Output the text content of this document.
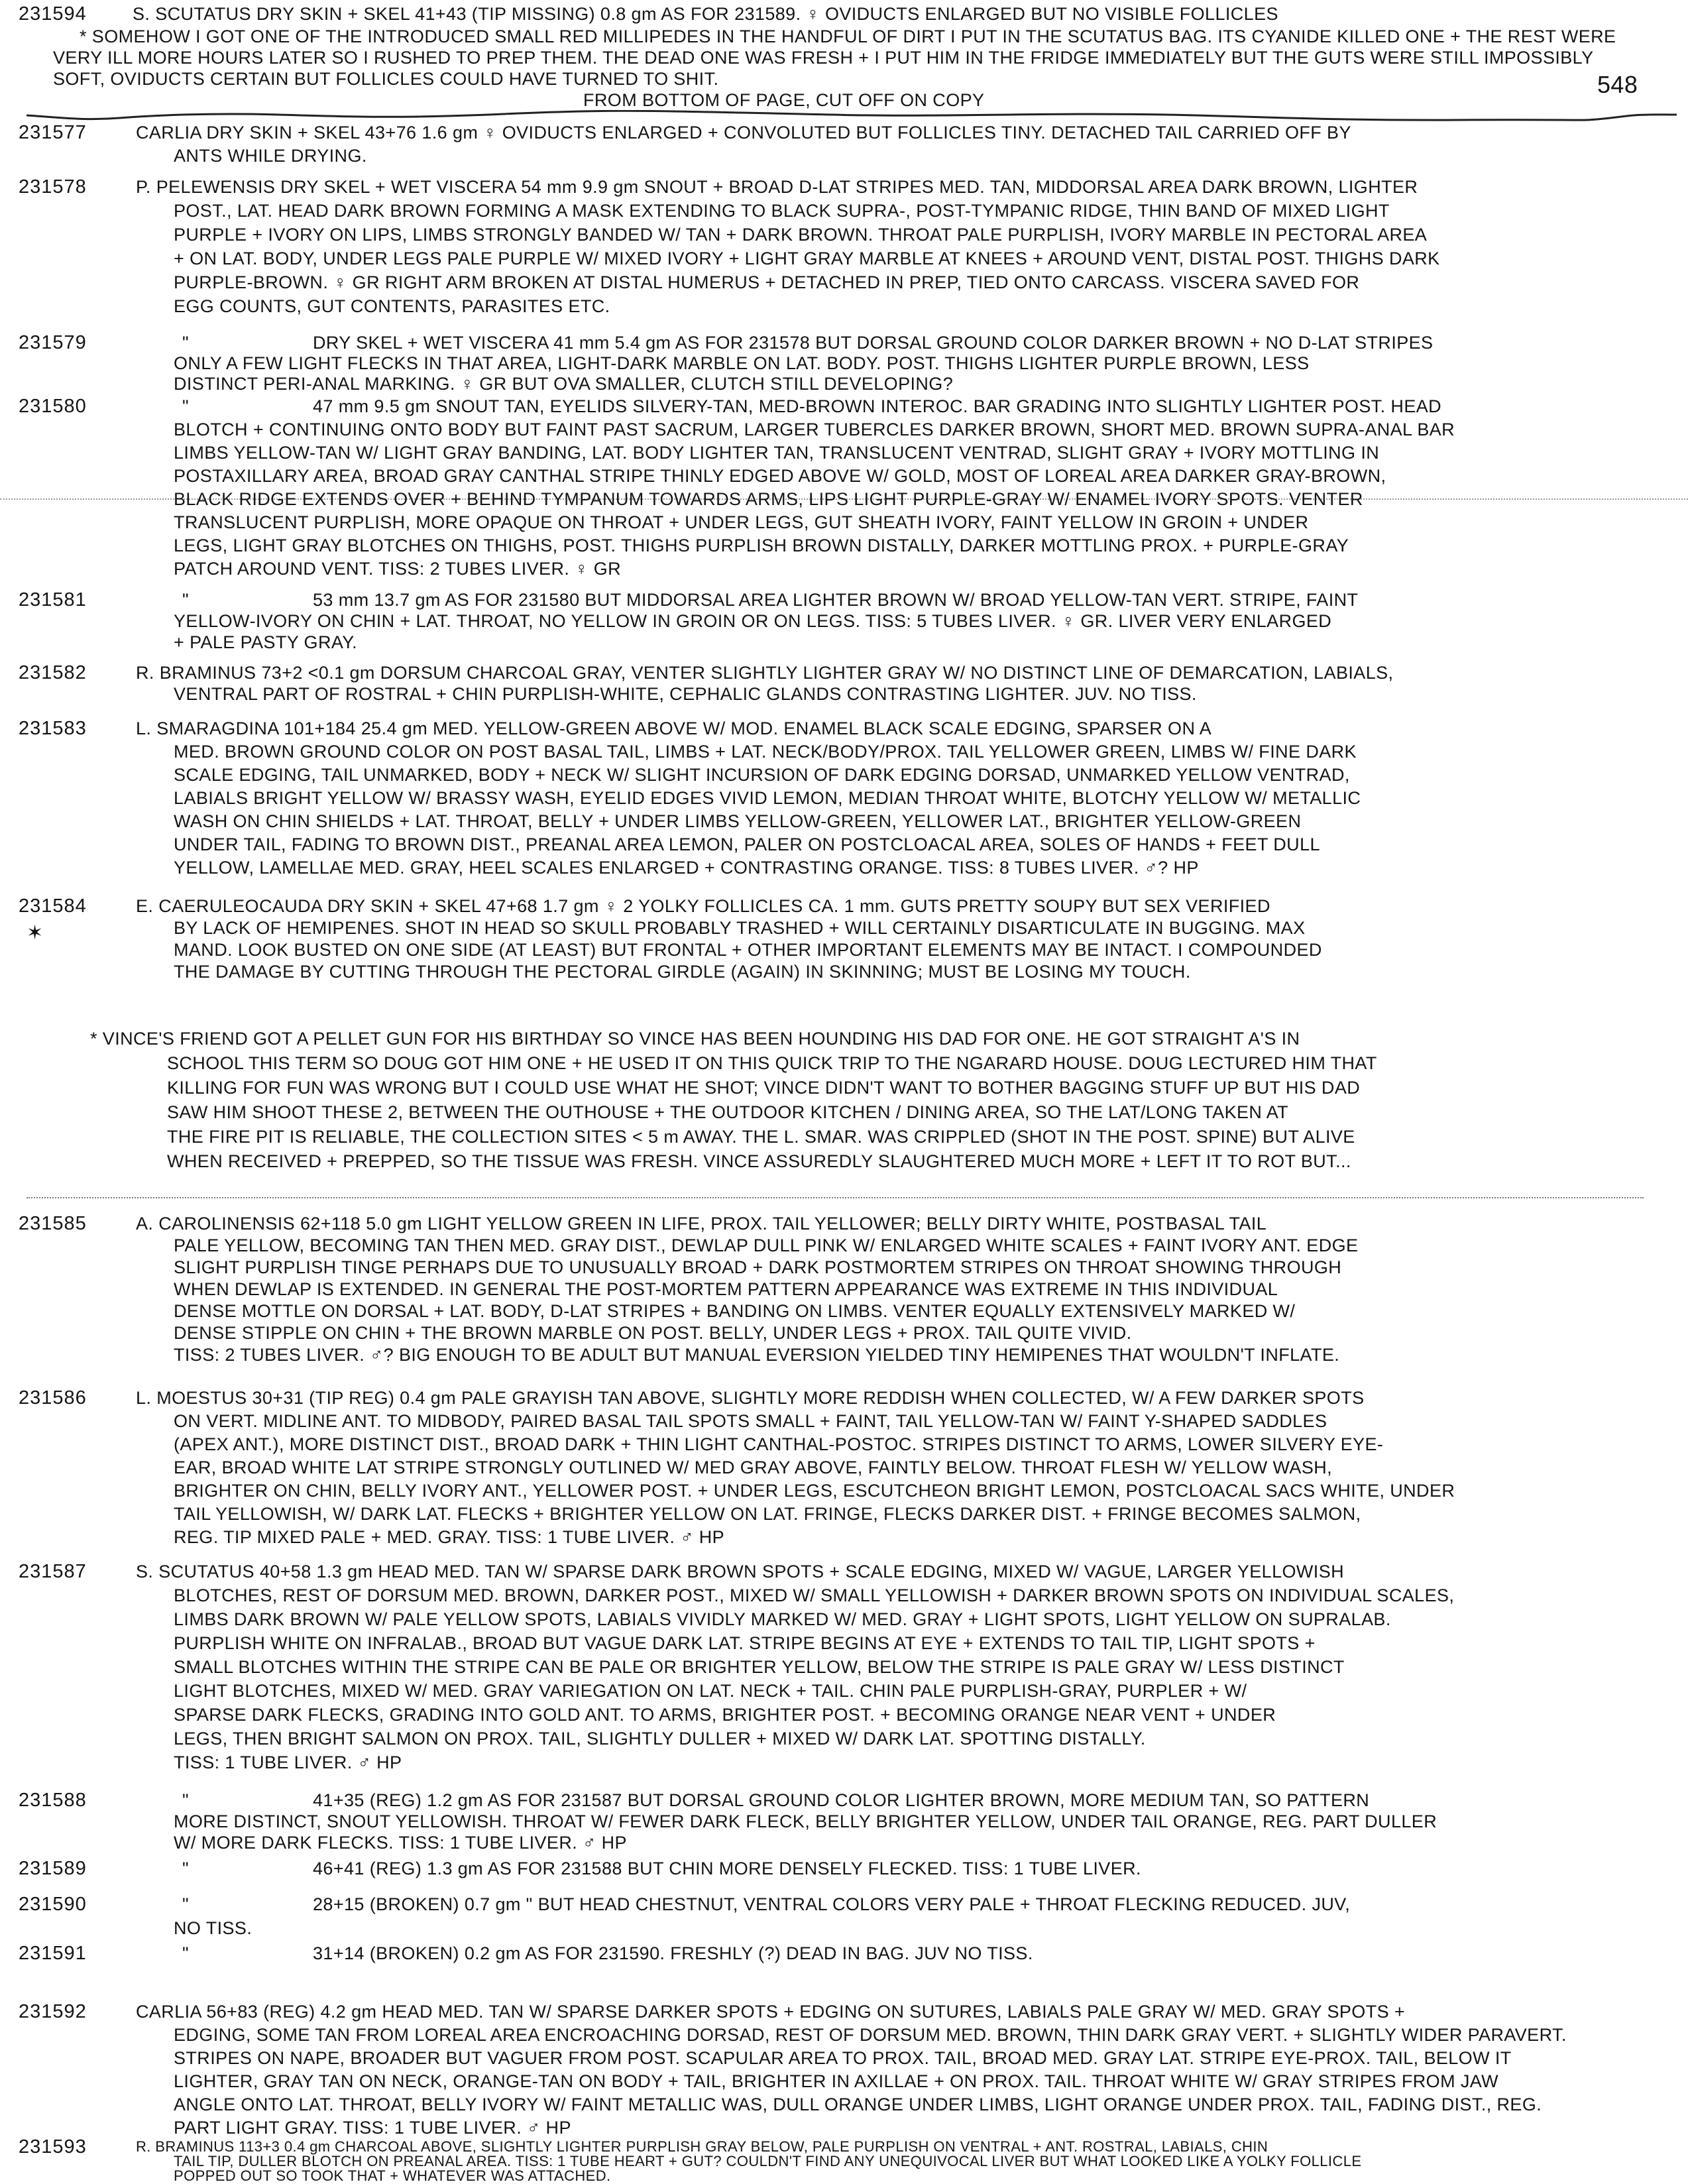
231594	S. SCUTATUS DRY SKIN + SKEL 41+43 (TIP MISSING) 0.8 gm AS FOR 231589. ♀ OVIDUCTS ENLARGED BUT NO VISIBLE FOLLICLES
* SOMEHOW I GOT ONE OF THE INTRODUCED SMALL RED MILLIPEDES IN THE HANDFUL OF DIRT I PUT IN THE SCUTATUS BAG. ITS CYANIDE KILLED ONE + THE REST WERE
VERY ILL MORE HOURS LATER SO I RUSHED TO PREP THEM. THE DEAD ONE WAS FRESH + I PUT HIM IN THE FRIDGE IMMEDIATELY BUT THE GUTS WERE STILL IMPOSSIBLY
SOFT, OVIDUCTS CERTAIN BUT FOLLICLES COULD HAVE TURNED TO SHIT.
FROM BOTTOM OF PAGE, CUT OFF ON COPY
548
231577	CARLIA DRY SKIN + SKEL 43+76 1.6 gm ♀ OVIDUCTS ENLARGED + CONVOLUTED BUT FOLLICLES TINY. DETACHED TAIL CARRIED OFF BY
ANTS WHILE DRYING.
231578	P. PELEWENSIS DRY SKEL + WET VISCERA 54 mm 9.9 gm SNOUT + BROAD D-LAT STRIPES MED. TAN, MIDDORSAL AREA DARK BROWN, LIGHTER
POST., LAT. HEAD DARK BROWN FORMING A MASK EXTENDING TO BLACK SUPRA-, POST-TYMPANIC RIDGE, THIN BAND OF MIXED LIGHT
PURPLE + IVORY ON LIPS, LIMBS STRONGLY BANDED W/ TAN + DARK BROWN. THROAT PALE PURPLISH, IVORY MARBLE IN PECTORAL AREA
+ ON LAT. BODY, UNDER LEGS PALE PURPLE W/ MIXED IVORY + LIGHT GRAY MARBLE AT KNEES + AROUND VENT, DISTAL POST. THIGHS DARK
PURPLE-BROWN. ♀ GR RIGHT ARM BROKEN AT DISTAL HUMERUS + DETACHED IN PREP, TIED ONTO CARCASS. VISCERA SAVED FOR
EGG COUNTS, GUT CONTENTS, PARASITES ETC.
231579	"	DRY SKEL + WET VISCERA 41 mm 5.4 gm AS FOR 231578 BUT DORSAL GROUND COLOR DARKER BROWN + NO D-LAT STRIPES
ONLY A FEW LIGHT FLECKS IN THAT AREA, LIGHT-DARK MARBLE ON LAT. BODY. POST. THIGHS LIGHTER PURPLE BROWN, LESS
DISTINCT PERI-ANAL MARKING. ♀ GR BUT OVA SMALLER, CLUTCH STILL DEVELOPING?
231580	"	47 mm 9.5 gm SNOUT TAN, EYELIDS SILVERY-TAN, MED-BROWN INTEROC. BAR GRADING INTO SLIGHTLY LIGHTER POST. HEAD
BLOTCH + CONTINUING ONTO BODY BUT FAINT PAST SACRUM, LARGER TUBERCLES DARKER BROWN, SHORT MED. BROWN SUPRA-ANAL BAR
LIMBS YELLOW-TAN W/ LIGHT GRAY BANDING, LAT. BODY LIGHTER TAN, TRANSLUCENT VENTRAD, SLIGHT GRAY + IVORY MOTTLING IN
POSTAXILLARY AREA, BROAD GRAY CANTHAL STRIPE THINLY EDGED ABOVE W/ GOLD, MOST OF LOREAL AREA DARKER GRAY-BROWN,
BLACK RIDGE EXTENDS OVER + BEHIND TYMPANUM TOWARDS ARMS, LIPS LIGHT PURPLE-GRAY W/ ENAMEL IVORY SPOTS. VENTER
TRANSLUCENT PURPLISH, MORE OPAQUE ON THROAT + UNDER LEGS, GUT SHEATH IVORY, FAINT YELLOW IN GROIN + UNDER
LEGS, LIGHT GRAY BLOTCHES ON THIGHS, POST. THIGHS PURPLISH BROWN DISTALLY, DARKER MOTTLING PROX. + PURPLE-GRAY
PATCH AROUND VENT. TISS: 2 TUBES LIVER. ♀ GR
231581	"	53 mm 13.7 gm AS FOR 231580 BUT MIDDORSAL AREA LIGHTER BROWN W/ BROAD YELLOW-TAN VERT. STRIPE, FAINT
YELLOW-IVORY ON CHIN + LAT. THROAT, NO YELLOW IN GROIN OR ON LEGS. TISS: 5 TUBES LIVER. ♀ GR. LIVER VERY ENLARGED
+ PALE PASTY GRAY.
231582	R. BRAMINUS 73+2 <0.1 gm DORSUM CHARCOAL GRAY, VENTER SLIGHTLY LIGHTER GRAY W/ NO DISTINCT LINE OF DEMARCATION, LABIALS,
VENTRAL PART OF ROSTRAL + CHIN PURPLISH-WHITE, CEPHALIC GLANDS CONTRASTING LIGHTER. JUV. NO TISS.
231583	L. SMARAGDINA 101+184 25.4 gm MED. YELLOW-GREEN ABOVE W/ MOD. ENAMEL BLACK SCALE EDGING, SPARSER ON A
MED. BROWN GROUND COLOR ON POST BASAL TAIL, LIMBS + LAT. NECK/BODY/PROX. TAIL YELLOWER GREEN, LIMBS W/ FINE DARK
SCALE EDGING, TAIL UNMARKED, BODY + NECK W/ SLIGHT INCURSION OF DARK EDGING DORSAD, UNMARKED YELLOW VENTRAD,
LABIALS BRIGHT YELLOW W/ BRASSY WASH, EYELID EDGES VIVID LEMON, MEDIAN THROAT WHITE, BLOTCHY YELLOW W/ METALLIC
WASH ON CHIN SHIELDS + LAT. THROAT, BELLY + UNDER LIMBS YELLOW-GREEN, YELLOWER LAT., BRIGHTER YELLOW-GREEN
UNDER TAIL, FADING TO BROWN DIST., PREANAL AREA LEMON, PALER ON POSTCLOACAL AREA, SOLES OF HANDS + FEET DULL
YELLOW, LAMELLAE MED. GRAY, HEEL SCALES ENLARGED + CONTRASTING ORANGE. TISS: 8 TUBES LIVER. ♂? HP
231584	E. CAERULEOCAUDA DRY SKIN + SKEL 47+68 1.7 gm ♀ 2 YOLKY FOLLICLES CA. 1 mm. GUTS PRETTY SOUPY BUT SEX VERIFIED
BY LACK OF HEMIPENES. SHOT IN HEAD SO SKULL PROBABLY TRASHED + WILL CERTAINLY DISARTICULATE IN BUGGING. MAX
MAND. LOOK BUSTED ON ONE SIDE (AT LEAST) BUT FRONTAL + OTHER IMPORTANT ELEMENTS MAY BE INTACT. I COMPOUNDED
THE DAMAGE BY CUTTING THROUGH THE PECTORAL GIRDLE (AGAIN) IN SKINNING; MUST BE LOSING MY TOUCH.
✶
* VINCE'S FRIEND GOT A PELLET GUN FOR HIS BIRTHDAY SO VINCE HAS BEEN HOUNDING HIS DAD FOR ONE. HE GOT STRAIGHT A'S IN
SCHOOL THIS TERM SO DOUG GOT HIM ONE + HE USED IT ON THIS QUICK TRIP TO THE NGARARD HOUSE. DOUG LECTURED HIM THAT
KILLING FOR FUN WAS WRONG BUT I COULD USE WHAT HE SHOT; VINCE DIDN'T WANT TO BOTHER BAGGING STUFF UP BUT HIS DAD
SAW HIM SHOOT THESE 2, BETWEEN THE OUTHOUSE + THE OUTDOOR KITCHEN / DINING AREA, SO THE LAT/LONG TAKEN AT
THE FIRE PIT IS RELIABLE, THE COLLECTION SITES < 5 m AWAY. THE L. SMAR. WAS CRIPPLED (SHOT IN THE POST. SPINE) BUT ALIVE
WHEN RECEIVED + PREPPED, SO THE TISSUE WAS FRESH. VINCE ASSUREDLY SLAUGHTERED MUCH MORE + LEFT IT TO ROT BUT...
231585	A. CAROLINENSIS 62+118 5.0 gm LIGHT YELLOW GREEN IN LIFE, PROX. TAIL YELLOWER; BELLY DIRTY WHITE, POSTBASAL TAIL
PALE YELLOW, BECOMING TAN THEN MED. GRAY DIST., DEWLAP DULL PINK W/ ENLARGED WHITE SCALES + FAINT IVORY ANT. EDGE
SLIGHT PURPLISH TINGE PERHAPS DUE TO UNUSUALLY BROAD + DARK POSTMORTEM STRIPES ON THROAT SHOWING THROUGH
WHEN DEWLAP IS EXTENDED. IN GENERAL THE POST-MORTEM PATTERN APPEARANCE WAS EXTREME IN THIS INDIVIDUAL
DENSE MOTTLE ON DORSAL + LAT. BODY, D-LAT STRIPES + BANDING ON LIMBS. VENTER EQUALLY EXTENSIVELY MARKED W/
DENSE STIPPLE ON CHIN + THE BROWN MARBLE ON POST. BELLY, UNDER LEGS + PROX. TAIL QUITE VIVID.
TISS: 2 TUBES LIVER. ♂? BIG ENOUGH TO BE ADULT BUT MANUAL EVERSION YIELDED TINY HEMIPENES THAT WOULDN'T INFLATE.
231586	L. MOESTUS 30+31 (TIP REG) 0.4 gm PALE GRAYISH TAN ABOVE, SLIGHTLY MORE REDDISH WHEN COLLECTED, W/ A FEW DARKER SPOTS
ON VERT. MIDLINE ANT. TO MIDBODY, PAIRED BASAL TAIL SPOTS SMALL + FAINT, TAIL YELLOW-TAN W/ FAINT Y-SHAPED SADDLES
(APEX ANT.), MORE DISTINCT DIST., BROAD DARK + THIN LIGHT CANTHAL-POSTOC. STRIPES DISTINCT TO ARMS, LOWER SILVERY EYE-
EAR, BROAD WHITE LAT STRIPE STRONGLY OUTLINED W/ MED GRAY ABOVE, FAINTLY BELOW. THROAT FLESH W/ YELLOW WASH,
BRIGHTER ON CHIN, BELLY IVORY ANT., YELLOWER POST. + UNDER LEGS, ESCUTCHEON BRIGHT LEMON, POSTCLOACAL SACS WHITE, UNDER
TAIL YELLOWISH, W/ DARK LAT. FLECKS + BRIGHTER YELLOW ON LAT. FRINGE, FLECKS DARKER DIST. + FRINGE BECOMES SALMON,
REG. TIP MIXED PALE + MED. GRAY. TISS: 1 TUBE LIVER. ♂ HP
231587	S. SCUTATUS 40+58 1.3 gm HEAD MED. TAN W/ SPARSE DARK BROWN SPOTS + SCALE EDGING, MIXED W/ VAGUE, LARGER YELLOWISH
BLOTCHES, REST OF DORSUM MED. BROWN, DARKER POST., MIXED W/ SMALL YELLOWISH + DARKER BROWN SPOTS ON INDIVIDUAL SCALES,
LIMBS DARK BROWN W/ PALE YELLOW SPOTS, LABIALS VIVIDLY MARKED W/ MED. GRAY + LIGHT SPOTS, LIGHT YELLOW ON SUPRALAB.
PURPLISH WHITE ON INFRALAB., BROAD BUT VAGUE DARK LAT. STRIPE BEGINS AT EYE + EXTENDS TO TAIL TIP, LIGHT SPOTS +
SMALL BLOTCHES WITHIN THE STRIPE CAN BE PALE OR BRIGHTER YELLOW, BELOW THE STRIPE IS PALE GRAY W/ LESS DISTINCT
LIGHT BLOTCHES, MIXED W/ MED. GRAY VARIEGATION ON LAT. NECK + TAIL. CHIN PALE PURPLISH-GRAY, PURPLER + W/
SPARSE DARK FLECKS, GRADING INTO GOLD ANT. TO ARMS, BRIGHTER POST. + BECOMING ORANGE NEAR VENT + UNDER
LEGS, THEN BRIGHT SALMON ON PROX. TAIL, SLIGHTLY DULLER + MIXED W/ DARK LAT. SPOTTING DISTALLY.
TISS: 1 TUBE LIVER. ♂ HP
231588	"	41+35 (REG) 1.2 gm AS FOR 231587 BUT DORSAL GROUND COLOR LIGHTER BROWN, MORE MEDIUM TAN, SO PATTERN
MORE DISTINCT, SNOUT YELLOWISH. THROAT W/ FEWER DARK FLECK, BELLY BRIGHTER YELLOW, UNDER TAIL ORANGE, REG. PART DULLER
W/ MORE DARK FLECKS. TISS: 1 TUBE LIVER. ♂ HP
231589	"	46+41 (REG) 1.3 gm AS FOR 231588 BUT CHIN MORE DENSELY FLECKED. TISS: 1 TUBE LIVER.
231590	"	28+15 (BROKEN) 0.7 gm " BUT HEAD CHESTNUT, VENTRAL COLORS VERY PALE + THROAT FLECKING REDUCED. JUV,
NO TISS.
231591	"	31+14 (BROKEN) 0.2 gm AS FOR 231590. FRESHLY (?) DEAD IN BAG. JUV NO TISS.
231592	CARLIA 56+83 (REG) 4.2 gm HEAD MED. TAN W/ SPARSE DARKER SPOTS + EDGING ON SUTURES, LABIALS PALE GRAY W/ MED. GRAY SPOTS +
EDGING, SOME TAN FROM LOREAL AREA ENCROACHING DORSAD, REST OF DORSUM MED. BROWN, THIN DARK GRAY VERT. + SLIGHTLY WIDER PARAVERT.
STRIPES ON NAPE, BROADER BUT VAGUER FROM POST. SCAPULAR AREA TO PROX. TAIL, BROAD MED. GRAY LAT. STRIPE EYE-PROX. TAIL, BELOW IT
LIGHTER, GRAY TAN ON NECK, ORANGE-TAN ON BODY + TAIL, BRIGHTER IN AXILLAE + ON PROX. TAIL. THROAT WHITE W/ GRAY STRIPES FROM JAW
ANGLE ONTO LAT. THROAT, BELLY IVORY W/ FAINT METALLIC WAS, DULL ORANGE UNDER LIMBS, LIGHT ORANGE UNDER PROX. TAIL, FADING DIST., REG.
PART LIGHT GRAY. TISS: 1 TUBE LIVER. ♂ HP
231593	R. BRAMINUS 113+3 0.4 gm CHARCOAL ABOVE, SLIGHTLY LIGHTER PURPLISH GRAY BELOW, PALE PURPLISH ON VENTRAL + ANT. ROSTRAL, LABIALS, CHIN
TAIL TIP, DULLER BLOTCH ON PREANAL AREA. TISS: 1 TUBE HEART + GUT? COULDN'T FIND ANY UNEQUIVOCAL LIVER BUT WHAT LOOKED LIKE A YOLKY FOLLICLE
POPPED OUT SO TOOK THAT + WHATEVER WAS ATTACHED.
